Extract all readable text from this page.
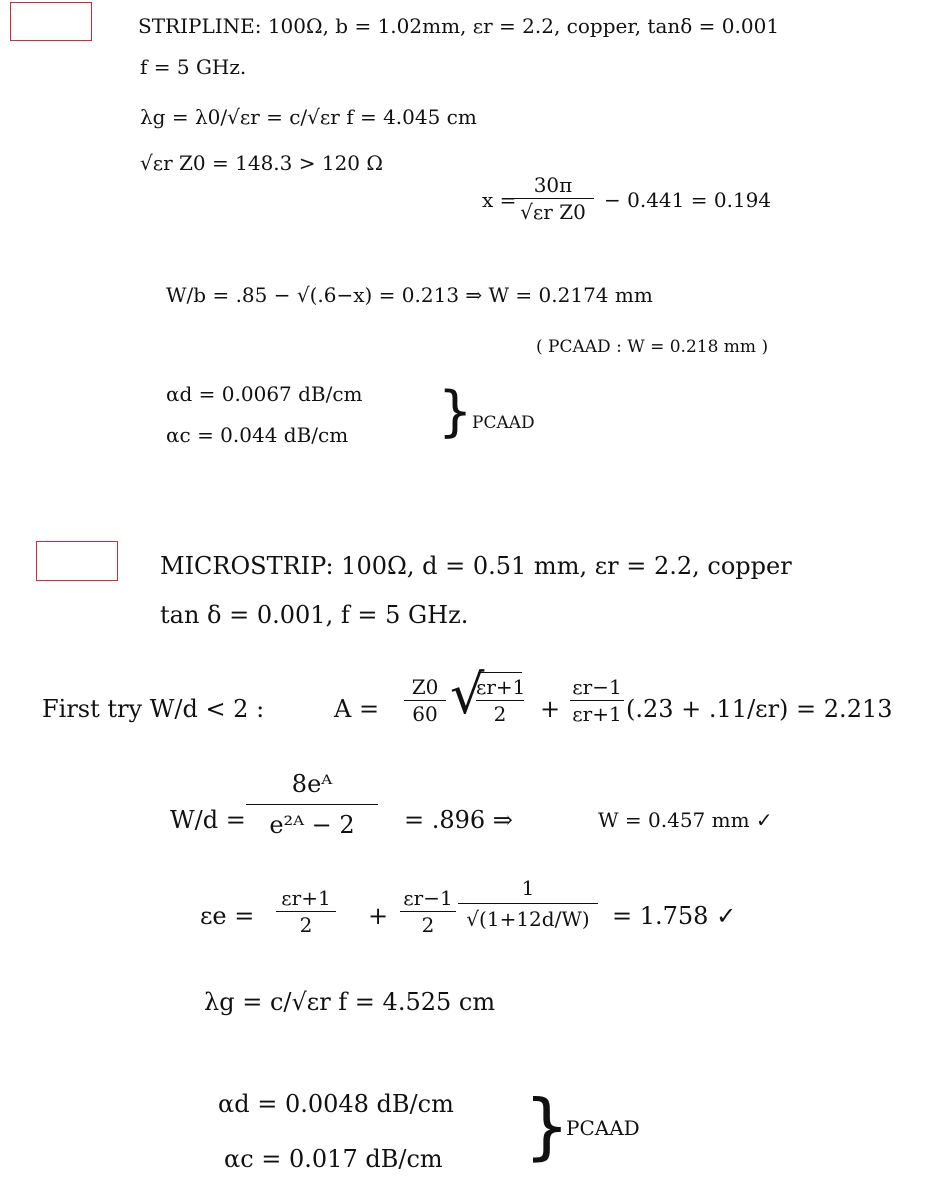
STRIPLINE: 100Ω, b = 1.02mm, εr = 2.2, copper, tanδ = 0.001
f = 5 GHz.
λg = λ0/√εr = c/√εr f = 4.045 cm
√εr Z0 = 148.3 > 120 Ω
x =
30π
√εr Z0 − 0.441 = 0.194
W/b = .85 − √(.6−x) = 0.213 ⇒ W = 0.2174 mm
( PCAAD : W = 0.218 mm )
αd = 0.0067 dB/cm
αc = 0.044 dB/cm } PCAAD
MICROSTRIP: 100Ω, d = 0.51 mm, εr = 2.2, copper
tan δ = 0.001, f = 5 GHz.
First try W/d < 2 :	A =
Z0
60 √
εr+1
2	+
εr−1
εr+1 (.23 + .11/εr) = 2.213
W/d =
8eᴬ
e²ᴬ − 2	= .896 ⇒	W = 0.457 mm ✓
εe =
εr+1
2	+
εr−1
2
1
√(1+12d/W) = 1.758 ✓
λg = c/√εr f = 4.525 cm
αd = 0.0048 dB/cm
αc = 0.017 dB/cm }
PCAAD
